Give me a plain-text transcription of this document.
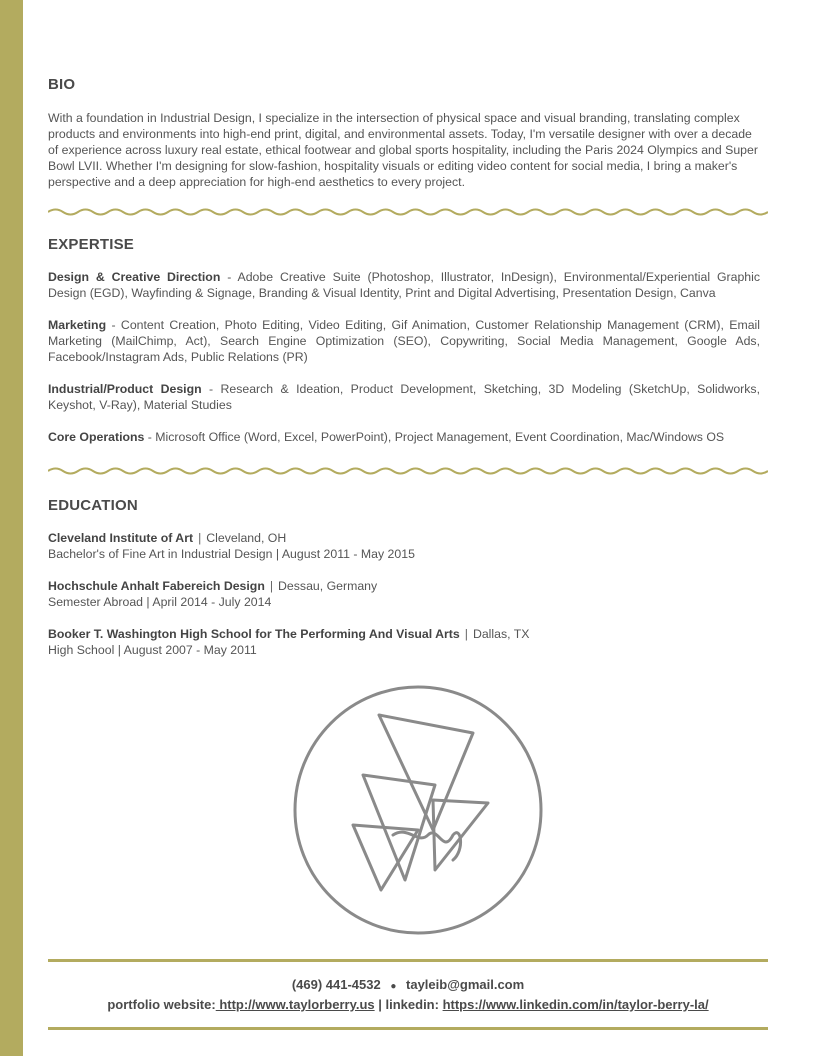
BIO
With a foundation in Industrial Design, I specialize in the intersection of physical space and visual branding, translating complex products and environments into high-end print, digital, and environmental assets. Today, I'm versatile designer with over a decade of experience across luxury real estate, ethical footwear and global sports hospitality, including the Paris 2024 Olympics and Super Bowl LVII. Whether I'm designing for slow-fashion, hospitality visuals or editing video content for social media, I bring a maker's perspective and a deep appreciation for high-end aesthetics to every project.
EXPERTISE
Design & Creative Direction - Adobe Creative Suite (Photoshop, Illustrator, InDesign), Environmental/Experiential Graphic Design (EGD), Wayfinding & Signage, Branding & Visual Identity, Print and Digital Advertising, Presentation Design, Canva
Marketing - Content Creation, Photo Editing, Video Editing, Gif Animation, Customer Relationship Management (CRM), Email Marketing (MailChimp, Act), Search Engine Optimization (SEO), Copywriting, Social Media Management, Google Ads, Facebook/Instagram Ads, Public Relations (PR)
Industrial/Product Design - Research & Ideation, Product Development, Sketching, 3D Modeling (SketchUp, Solidworks, Keyshot, V-Ray), Material Studies
Core Operations - Microsoft Office (Word, Excel, PowerPoint), Project Management, Event Coordination, Mac/Windows OS
EDUCATION
Cleveland Institute of Art | Cleveland, OH
Bachelor's of Fine Art in Industrial Design | August 2011 - May 2015
Hochschule Anhalt Fabereich Design | Dessau, Germany
Semester Abroad | April 2014 - July 2014
Booker T. Washington High School for The Performing And Visual Arts | Dallas, TX
High School | August 2007 - May 2011
(469) 441-4532 ● tayleib@gmail.com
portfolio website: http://www.taylorberry.us | linkedin: https://www.linkedin.com/in/taylor-berry-la/
